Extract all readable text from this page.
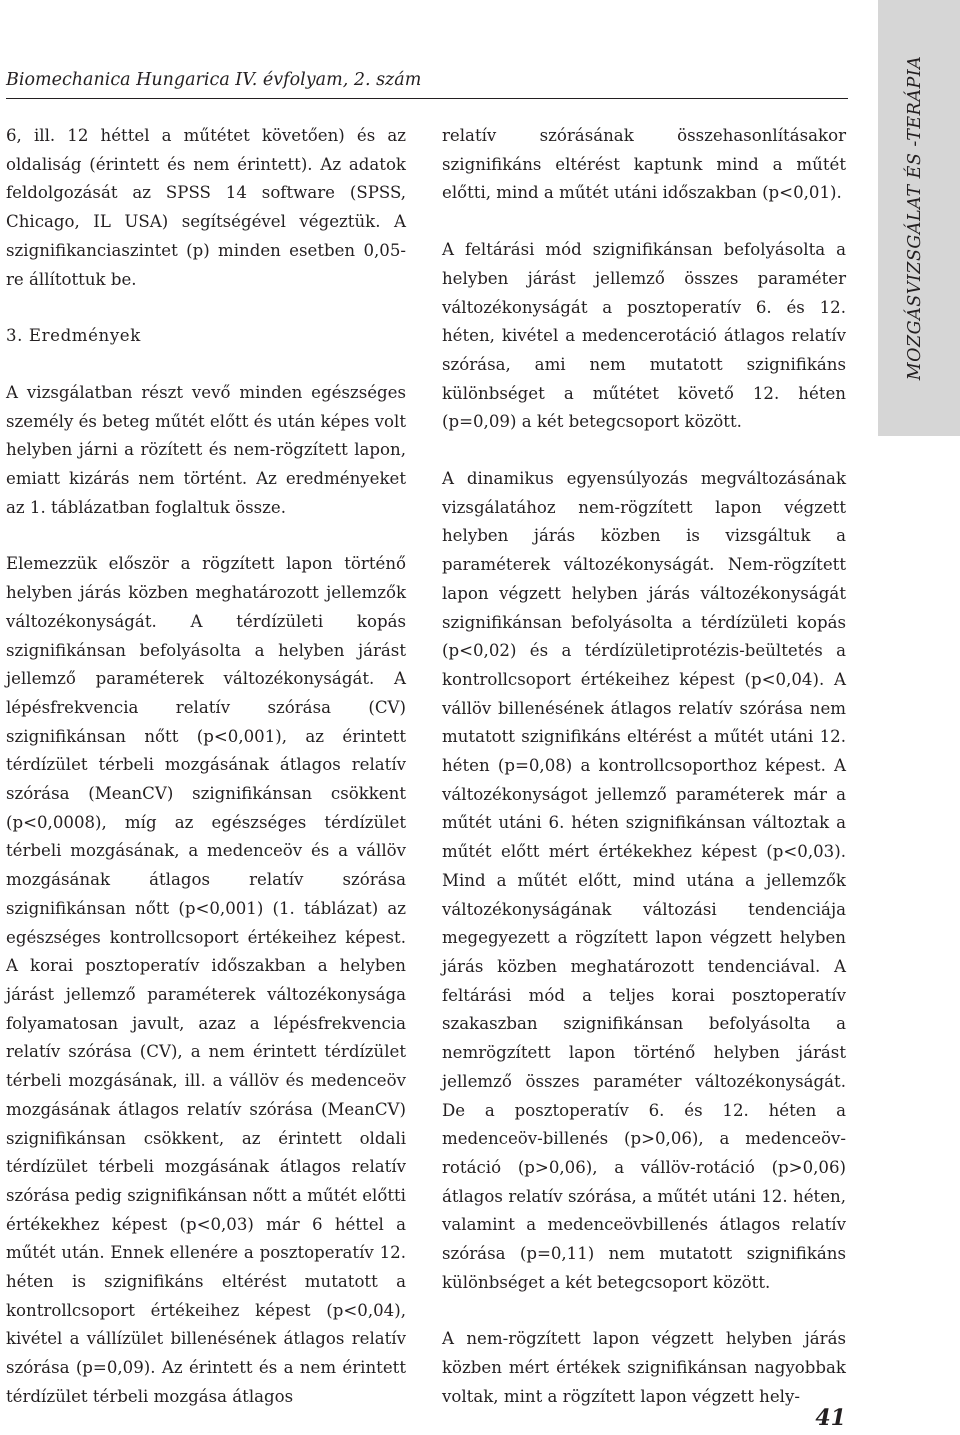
Biomechanica Hungarica IV. évfolyam, 2. szám	MOZGÁSVIZSGÁLAT ÉS -TERÁPIA

6, ill. 12 héttel a műtétet követően) és az oldaliság (érintett és nem érintett). Az adatok feldolgozását az SPSS 14 software (SPSS, Chicago, IL USA) segítségével végeztük. A szignifikanciaszintet (p) minden esetben 0,05-re állítottuk be.

3. Eredmények

A vizsgálatban részt vevő minden egészséges személy és beteg műtét előtt és után képes volt helyben járni a rözített és nem-rögzített lapon, emiatt kizárás nem történt. Az eredményeket az 1. táblázatban foglaltuk össze.

Elemezzük először a rögzített lapon történő helyben járás közben meghatározott jellemzők változékonyságát. A térdízületi kopás szignifikánsan befolyásolta a helyben járást jellemző paraméterek változékonyságát. A lépésfrekvencia relatív szórása (CV) szignifikánsan nőtt (p<0,001), az érintett térdízület térbeli mozgásának átlagos relatív szórása (MeanCV) szignifikánsan csökkent (p<0,0008), míg az egészséges térdízület térbeli mozgásának, a medenceöv és a vállöv mozgásának átlagos relatív szórása szignifikánsan nőtt (p<0,001) (1. táblázat) az egészséges kontrollcsoport értékeihez képest. A korai posztoperatív időszakban a helyben járást jellemző paraméterek változékonysága folyamatosan javult, azaz a lépésfrekvencia relatív szórása (CV), a nem érintett térdízület térbeli mozgásának, ill. a vállöv és medenceöv mozgásának átlagos relatív szórása (MeanCV) szignifikánsan csökkent, az érintett oldali térdízület térbeli mozgásának átlagos relatív szórása pedig szignifikánsan nőtt a műtét előtti értékekhez képest (p<0,03) már 6 héttel a műtét után. Ennek ellenére a posztoperatív 12. héten is szignifikáns eltérést mutatott a kontrollcsoport értékeihez képest (p<0,04), kivétel a vállízület billenésének átlagos relatív szórása (p=0,09). Az érintett és a nem érintett térdízület térbeli mozgása átlagos

relatív szórásának összehasonlításakor szignifikáns eltérést kaptunk mind a műtét előtti, mind a műtét utáni időszakban (p<0,01).

A feltárási mód szignifikánsan befolyásolta a helyben járást jellemző összes paraméter változékonyságát a posztoperatív 6. és 12. héten, kivétel a medencerotáció átlagos relatív szórása, ami nem mutatott szignifikáns különbséget a műtétet követő 12. héten (p=0,09) a két betegcsoport között.

A dinamikus egyensúlyozás megváltozásának vizsgálatához nem-rögzített lapon végzett helyben járás közben is vizsgáltuk a paraméterek változékonyságát. Nem-rögzített lapon végzett helyben járás változékonyságát szignifikánsan befolyásolta a térdízületi kopás (p<0,02) és a térdízületiprotézis-beültetés a kontrollcsoport értékeihez képest (p<0,04). A vállöv billenésének átlagos relatív szórása nem mutatott szignifikáns eltérést a műtét utáni 12. héten (p=0,08) a kontrollcsoporthoz képest. A változékonyságot jellemző paraméterek már a műtét utáni 6. héten szignifikánsan változtak a műtét előtt mért értékekhez képest (p<0,03). Mind a műtét előtt, mind utána a jellemzők változékonyságának változási tendenciája megegyezett a rögzített lapon végzett helyben járás közben meghatározott tendenciával. A feltárási mód a teljes korai posztoperatív szakaszban szignifikánsan befolyásolta a nemrögzített lapon történő helyben járást jellemző összes paraméter változékonyságát. De a posztoperatív 6. és 12. héten a medenceöv-billenés (p>0,06), a medenceöv-rotáció (p>0,06), a vállöv-rotáció (p>0,06) átlagos relatív szórása, a műtét utáni 12. héten, valamint a medenceövbillenés átlagos relatív szórása (p=0,11) nem mutatott szignifikáns különbséget a két betegcsoport között.

A nem-rögzített lapon végzett helyben járás közben mért értékek szignifikánsan nagyobbak voltak, mint a rögzített lapon végzett hely-

41
